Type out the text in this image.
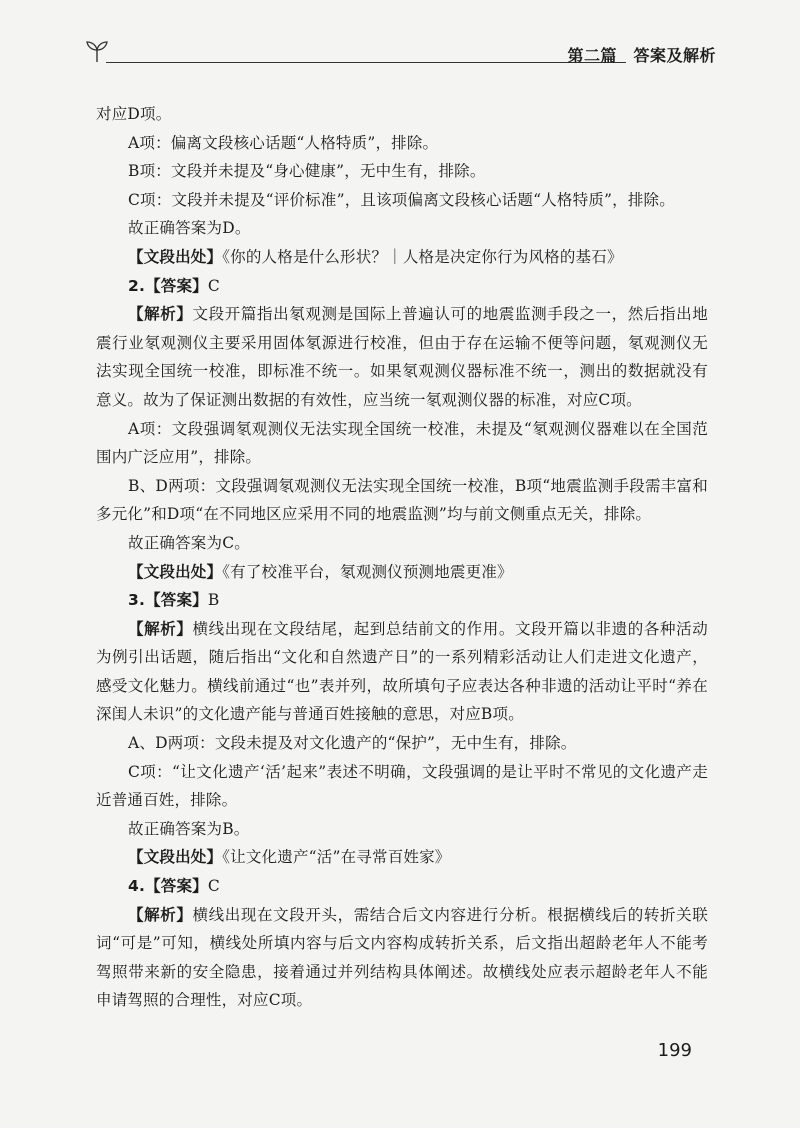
第二篇　答案及解析

对应D项。

A项：偏离文段核心话题“人格特质”，排除。

B项：文段并未提及“身心健康”，无中生有，排除。

C项：文段并未提及“评价标准”，且该项偏离文段核心话题“人格特质”，排除。

故正确答案为D。

【文段出处】《你的人格是什么形状？｜人格是决定你行为风格的基石》

2.【答案】C

【解析】文段开篇指出氡观测是国际上普遍认可的地震监测手段之一，然后指出地震行业氡观测仪主要采用固体氡源进行校准，但由于存在运输不便等问题，氡观测仪无法实现全国统一校准，即标准不统一。如果氡观测仪器标准不统一，测出的数据就没有意义。故为了保证测出数据的有效性，应当统一氡观测仪器的标准，对应C项。

A项：文段强调氡观测仪无法实现全国统一校准，未提及“氡观测仪器难以在全国范围内广泛应用”，排除。

B、D两项：文段强调氡观测仪无法实现全国统一校准，B项“地震监测手段需丰富和多元化”和D项“在不同地区应采用不同的地震监测”均与前文侧重点无关，排除。

故正确答案为C。

【文段出处】《有了校准平台，氡观测仪预测地震更准》

3.【答案】B

【解析】横线出现在文段结尾，起到总结前文的作用。文段开篇以非遗的各种活动为例引出话题，随后指出“文化和自然遗产日”的一系列精彩活动让人们走进文化遗产，感受文化魅力。横线前通过“也”表并列，故所填句子应表达各种非遗的活动让平时“养在深闺人未识”的文化遗产能与普通百姓接触的意思，对应B项。

A、D两项：文段未提及对文化遗产的“保护”，无中生有，排除。

C项：“让文化遗产‘活’起来”表述不明确，文段强调的是让平时不常见的文化遗产走近普通百姓，排除。

故正确答案为B。

【文段出处】《让文化遗产“活”在寻常百姓家》

4.【答案】C

【解析】横线出现在文段开头，需结合后文内容进行分析。根据横线后的转折关联词“可是”可知，横线处所填内容与后文内容构成转折关系，后文指出超龄老年人不能考驾照带来新的安全隐患，接着通过并列结构具体阐述。故横线处应表示超龄老年人不能申请驾照的合理性，对应C项。

199
